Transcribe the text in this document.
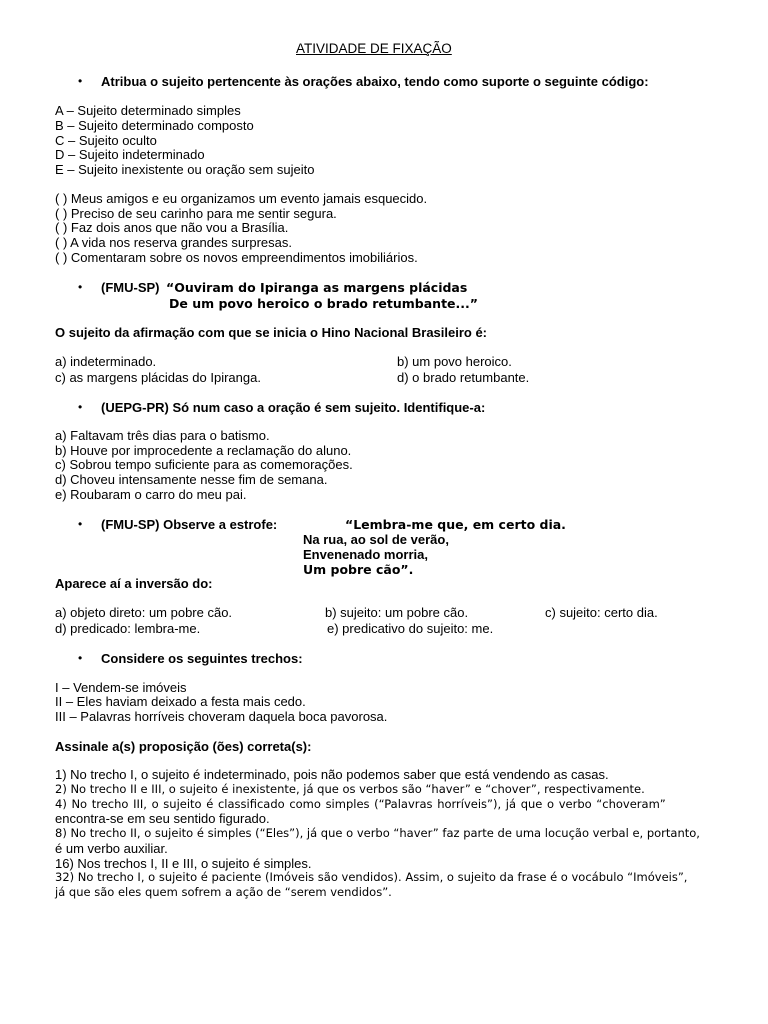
ATIVIDADE DE FIXAÇÃO
• Atribua o sujeito pertencente às orações abaixo, tendo como suporte o seguinte código:
A – Sujeito determinado simples
B – Sujeito determinado composto
C – Sujeito oculto
D – Sujeito indeterminado
E – Sujeito inexistente ou oração sem sujeito
( ) Meus amigos e eu organizamos um evento jamais esquecido.
( ) Preciso de seu carinho para me sentir segura.
( ) Faz dois anos que não vou a Brasília.
( ) A vida nos reserva grandes surpresas.
( ) Comentaram sobre os novos empreendimentos imobiliários.
• (FMU-SP) “Ouviram do Ipiranga as margens plácidas
De um povo heroico o brado retumbante...”
O sujeito da afirmação com que se inicia o Hino Nacional Brasileiro é:
a) indeterminado.	b) um povo heroico.
c) as margens plácidas do Ipiranga.	d) o brado retumbante.
• (UEPG-PR) Só num caso a oração é sem sujeito. Identifique-a:
a) Faltavam três dias para o batismo.
b) Houve por improcedente a reclamação do aluno.
c) Sobrou tempo suficiente para as comemorações.
d) Choveu intensamente nesse fim de semana.
e) Roubaram o carro do meu pai.
• (FMU-SP) Observe a estrofe:	“Lembra-me que, em certo dia.
Na rua, ao sol de verão,
Envenenado morria,
Um pobre cão”.
Aparece aí a inversão do:
a) objeto direto: um pobre cão.	b) sujeito: um pobre cão.	c) sujeito: certo dia.
d) predicado: lembra-me.	e) predicativo do sujeito: me.
• Considere os seguintes trechos:
I – Vendem-se imóveis
II – Eles haviam deixado a festa mais cedo.
III – Palavras horríveis choveram daquela boca pavorosa.
Assinale a(s) proposição (ões) correta(s):
1) No trecho I, o sujeito é indeterminado, pois não podemos saber que está vendendo as casas.
2) No trecho II e III, o sujeito é inexistente, já que os verbos são “haver” e “chover”, respectivamente.
4) No trecho III, o sujeito é classificado como simples (“Palavras horríveis”), já que o verbo “choveram”
encontra-se em seu sentido figurado.
8) No trecho II, o sujeito é simples (“Eles”), já que o verbo “haver” faz parte de uma locução verbal e, portanto,
é um verbo auxiliar.
16) Nos trechos I, II e III, o sujeito é simples.
32) No trecho I, o sujeito é paciente (Imóveis são vendidos). Assim, o sujeito da frase é o vocábulo “Imóveis”,
já que são eles quem sofrem a ação de “serem vendidos”.
